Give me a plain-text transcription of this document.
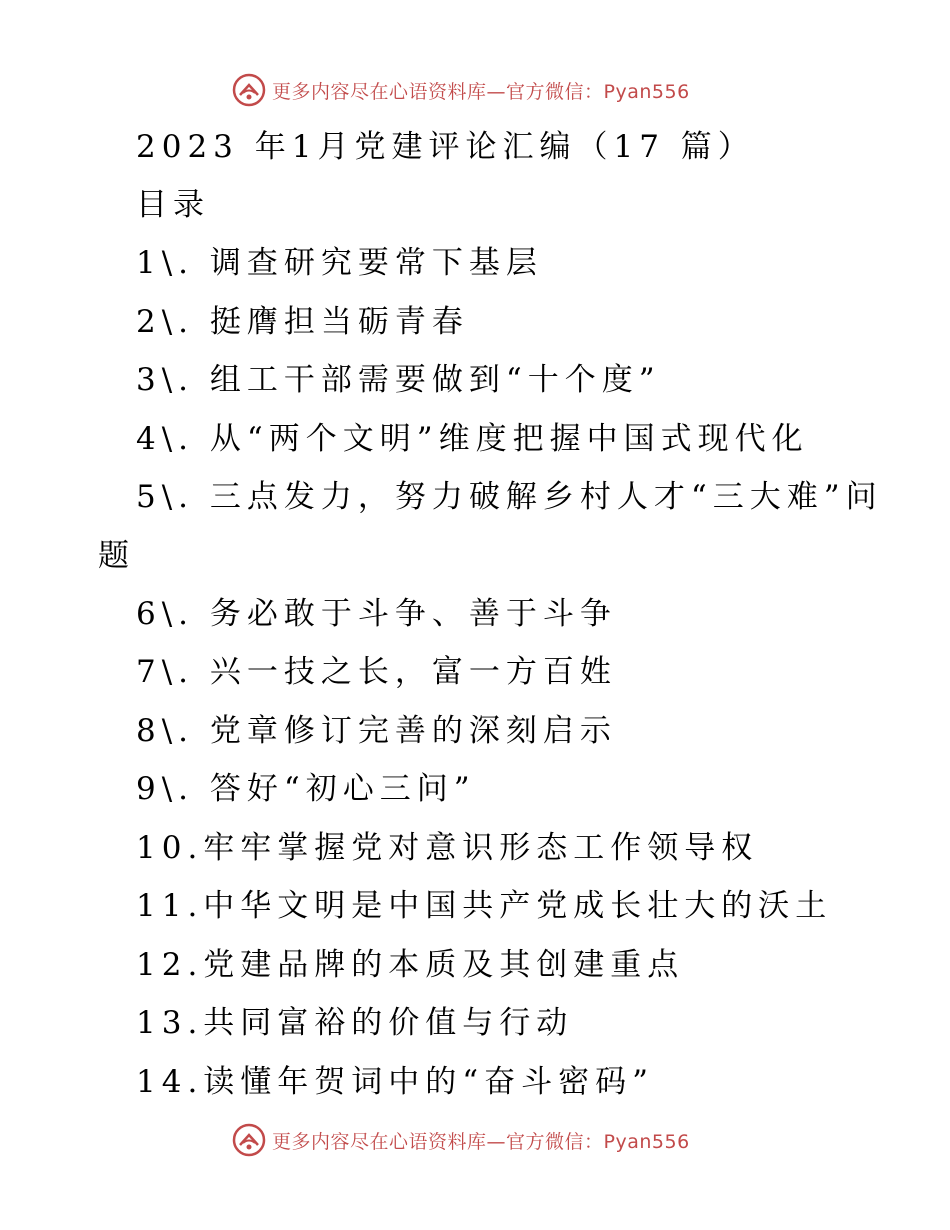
更多内容尽在心语资料库—官方微信：Pyan556
2023 年1月党建评论汇编（17 篇）
目录
1\. 调查研究要常下基层
2\. 挺膺担当砺青春
3\. 组工干部需要做到“十个度”
4\. 从“两个文明”维度把握中国式现代化
5\. 三点发力，努力破解乡村人才“三大难”问
题
6\. 务必敢于斗争、善于斗争
7\. 兴一技之长，富一方百姓
8\. 党章修订完善的深刻启示
9\. 答好“初心三问”
10.牢牢掌握党对意识形态工作领导权
11.中华文明是中国共产党成长壮大的沃土
12.党建品牌的本质及其创建重点
13.共同富裕的价值与行动
14.读懂年贺词中的“奋斗密码”
更多内容尽在心语资料库—官方微信：Pyan556
